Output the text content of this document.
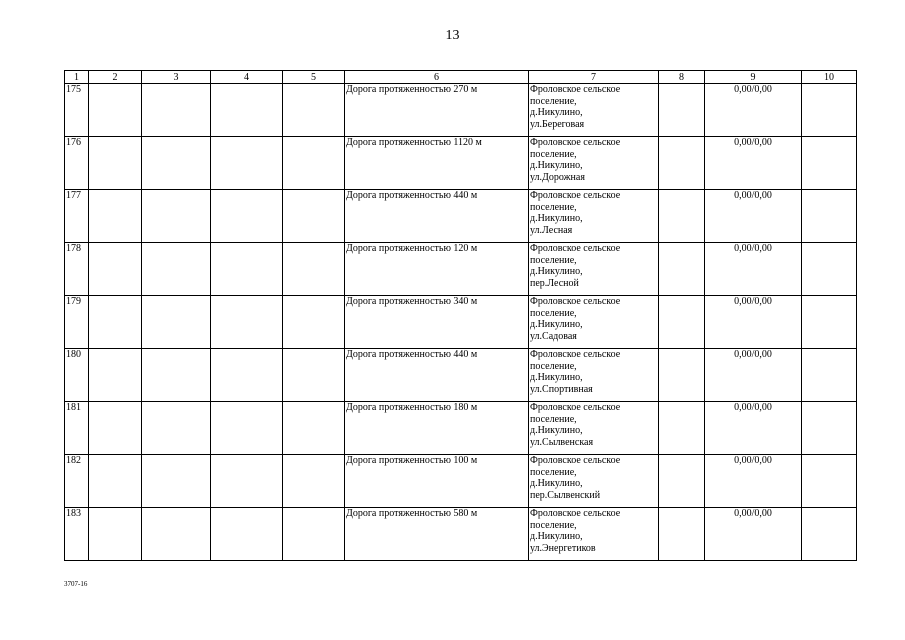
13
1	2	3	4	5	6	7	8	9	10
175					Дорога протяженностью 270 м	Фроловское сельское
поселение,
д.Никулино,
ул.Береговая		0,00/0,00	
176					Дорога протяженностью 1120 м	Фроловское сельское
поселение,
д.Никулино,
ул.Дорожная		0,00/0,00	
177					Дорога протяженностью 440 м	Фроловское сельское
поселение,
д.Никулино,
ул.Лесная		0,00/0,00	
178					Дорога протяженностью 120 м	Фроловское сельское
поселение,
д.Никулино,
пер.Лесной		0,00/0,00	
179					Дорога протяженностью 340 м	Фроловское сельское
поселение,
д.Никулино,
ул.Садовая		0,00/0,00	
180					Дорога протяженностью 440 м	Фроловское сельское
поселение,
д.Никулино,
ул.Спортивная		0,00/0,00	
181					Дорога протяженностью 180 м	Фроловское сельское
поселение,
д.Никулино,
ул.Сылвенская		0,00/0,00	
182					Дорога протяженностью 100 м	Фроловское сельское
поселение,
д.Никулино,
пер.Сылвенский		0,00/0,00	
183					Дорога протяженностью 580 м	Фроловское сельское
поселение,
д.Никулино,
ул.Энергетиков		0,00/0,00	
3707-16
